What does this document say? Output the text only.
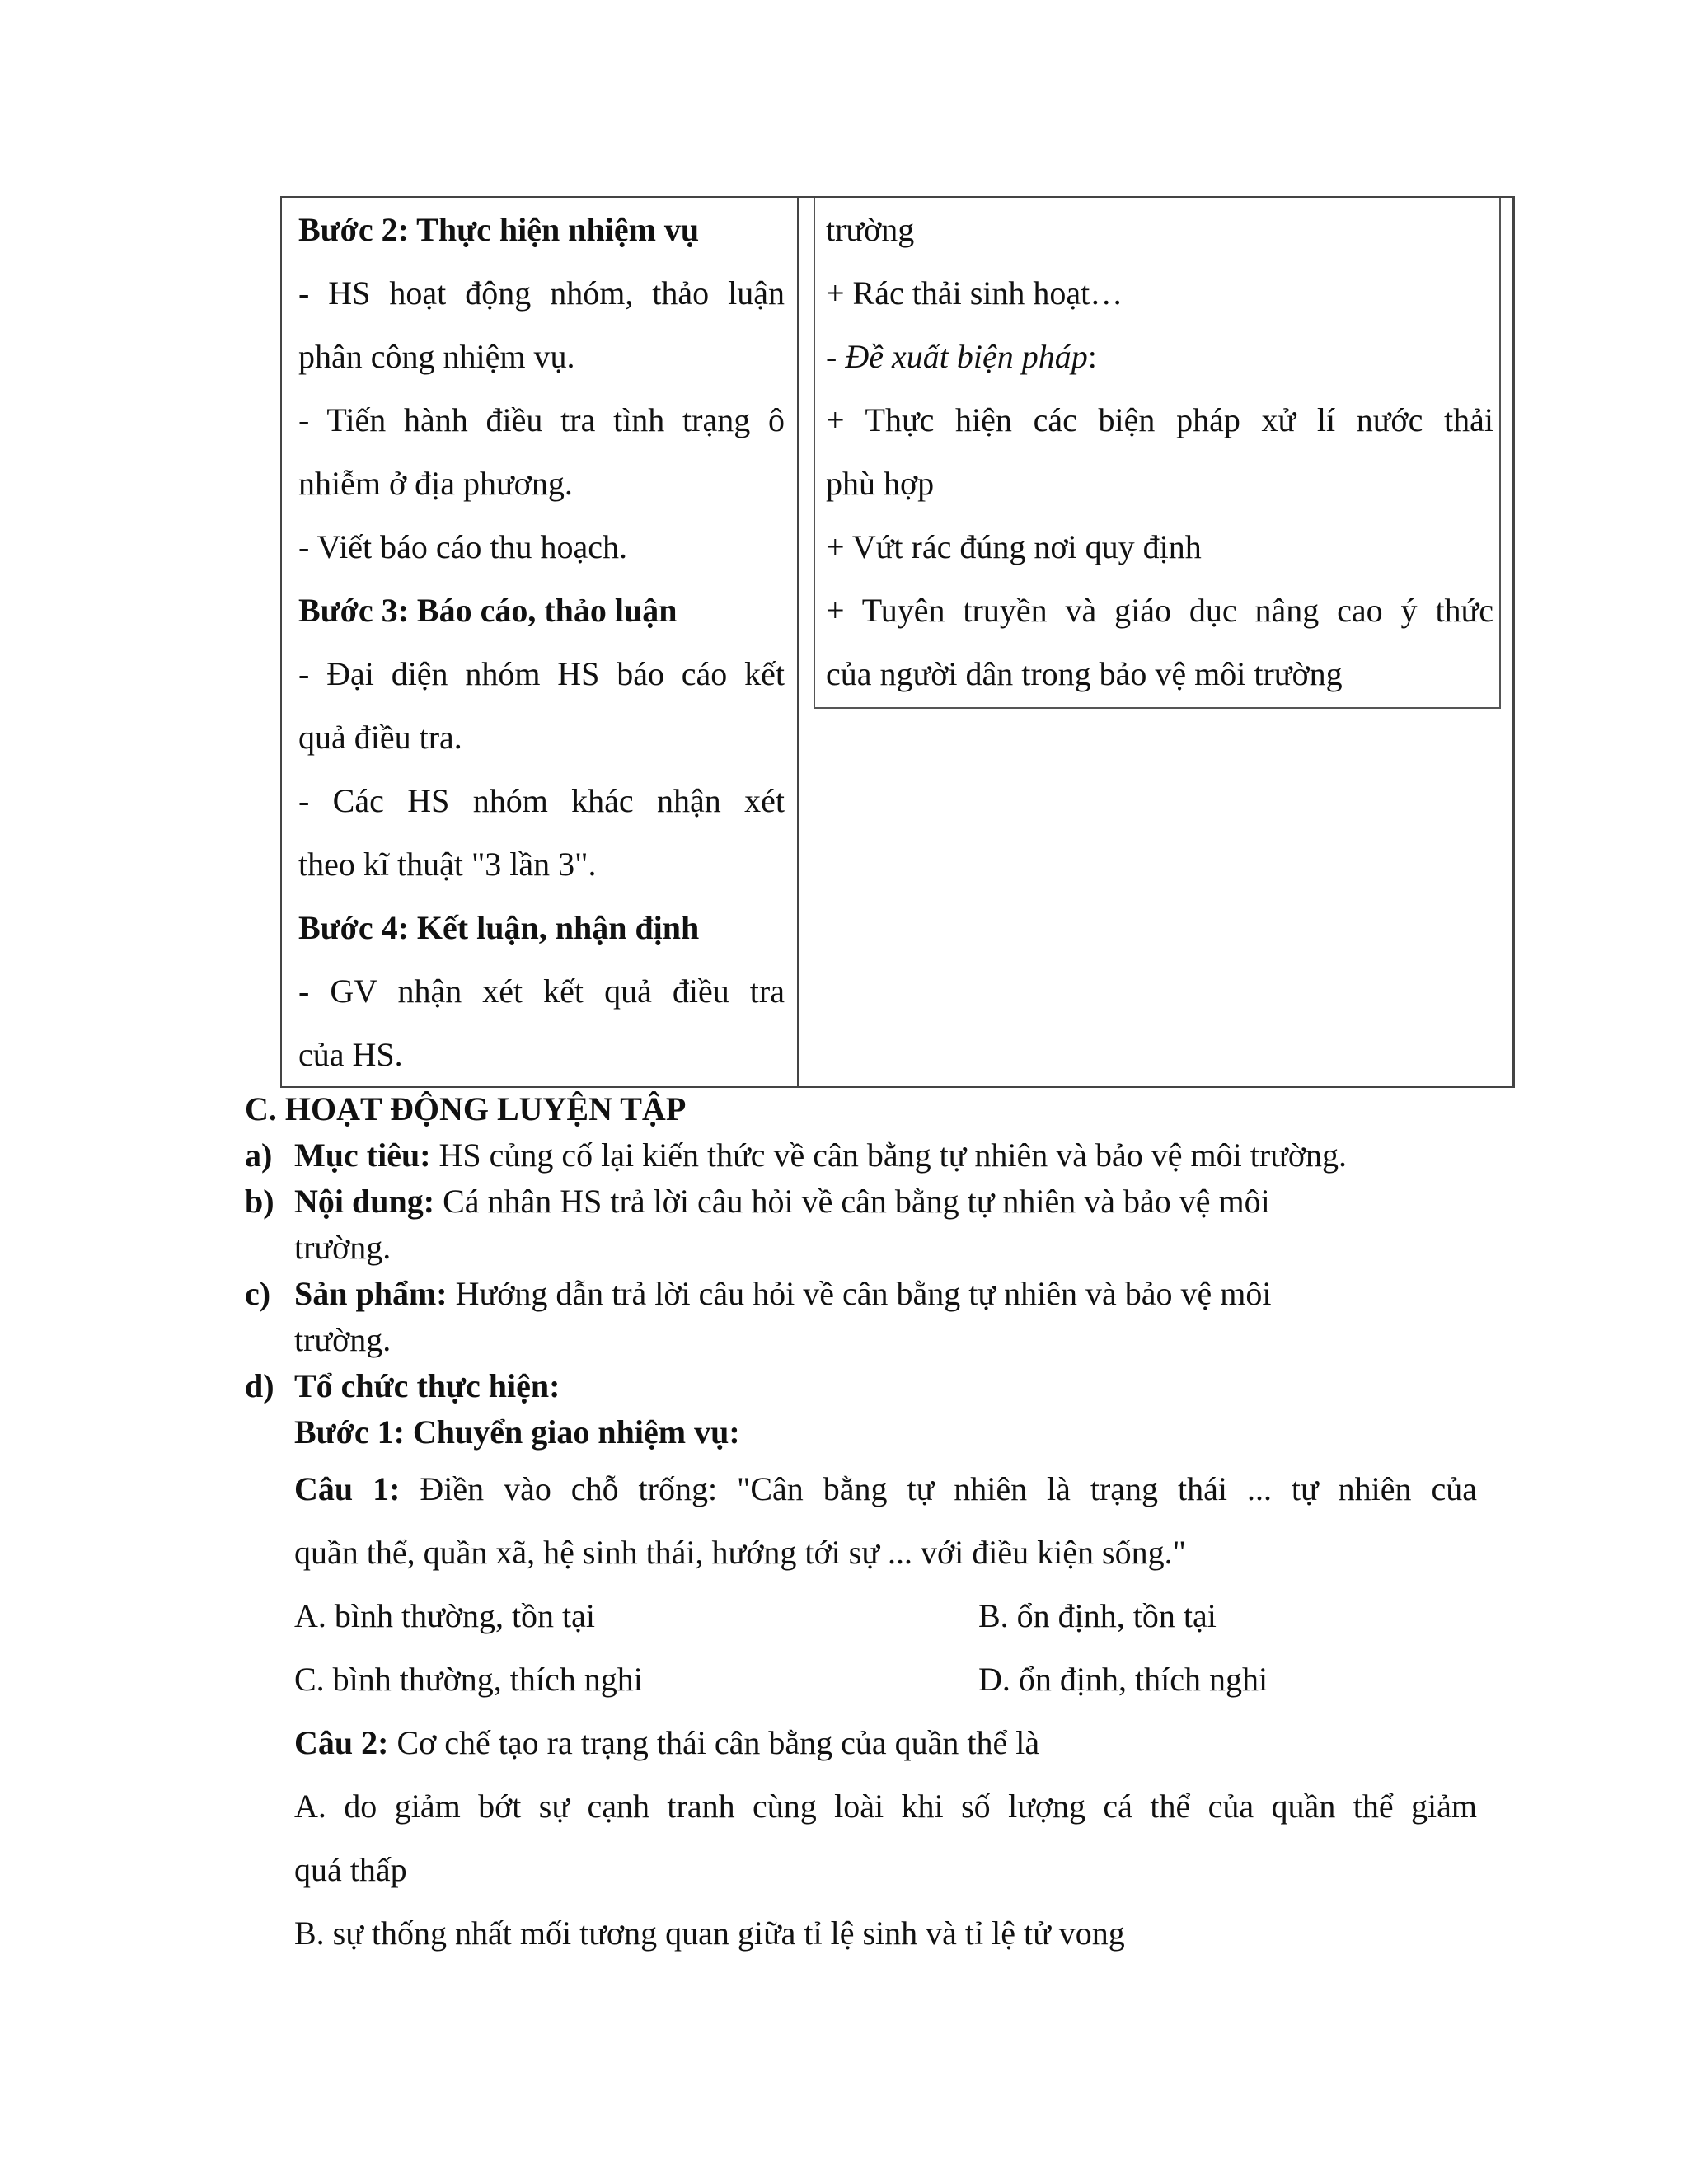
Bước 2: Thực hiện nhiệm vụ
- HS hoạt động nhóm, thảo luận
phân công nhiệm vụ.
- Tiến hành điều tra tình trạng ô
nhiễm ở địa phương.
- Viết báo cáo thu hoạch.
Bước 3: Báo cáo, thảo luận
- Đại diện nhóm HS báo cáo kết
quả điều tra.
- Các HS nhóm khác nhận xét
theo kĩ thuật "3 lần 3".
Bước 4: Kết luận, nhận định
- GV nhận xét kết quả điều tra
của HS.
trường
+ Rác thải sinh hoạt…
- Đề xuất biện pháp:
+ Thực hiện các biện pháp xử lí nước thải
phù hợp
+ Vứt rác đúng nơi quy định
+ Tuyên truyền và giáo dục nâng cao ý thức
của người dân trong bảo vệ môi trường
C. HOẠT ĐỘNG LUYỆN TẬP
a) Mục tiêu: HS củng cố lại kiến thức về cân bằng tự nhiên và bảo vệ môi trường.
b) Nội dung: Cá nhân HS trả lời câu hỏi về cân bằng tự nhiên và bảo vệ môi
trường.
c) Sản phẩm: Hướng dẫn trả lời câu hỏi về cân bằng tự nhiên và bảo vệ môi
trường.
d) Tổ chức thực hiện:
Bước 1: Chuyển giao nhiệm vụ:
Câu 1: Điền vào chỗ trống: "Cân bằng tự nhiên là trạng thái ... tự nhiên của
quần thể, quần xã, hệ sinh thái, hướng tới sự ... với điều kiện sống."
A. bình thường, tồn tại	B. ổn định, tồn tại
C. bình thường, thích nghi	D. ổn định, thích nghi
Câu 2: Cơ chế tạo ra trạng thái cân bằng của quần thể là
A. do giảm bớt sự cạnh tranh cùng loài khi số lượng cá thể của quần thể giảm
quá thấp
B. sự thống nhất mối tương quan giữa tỉ lệ sinh và tỉ lệ tử vong
